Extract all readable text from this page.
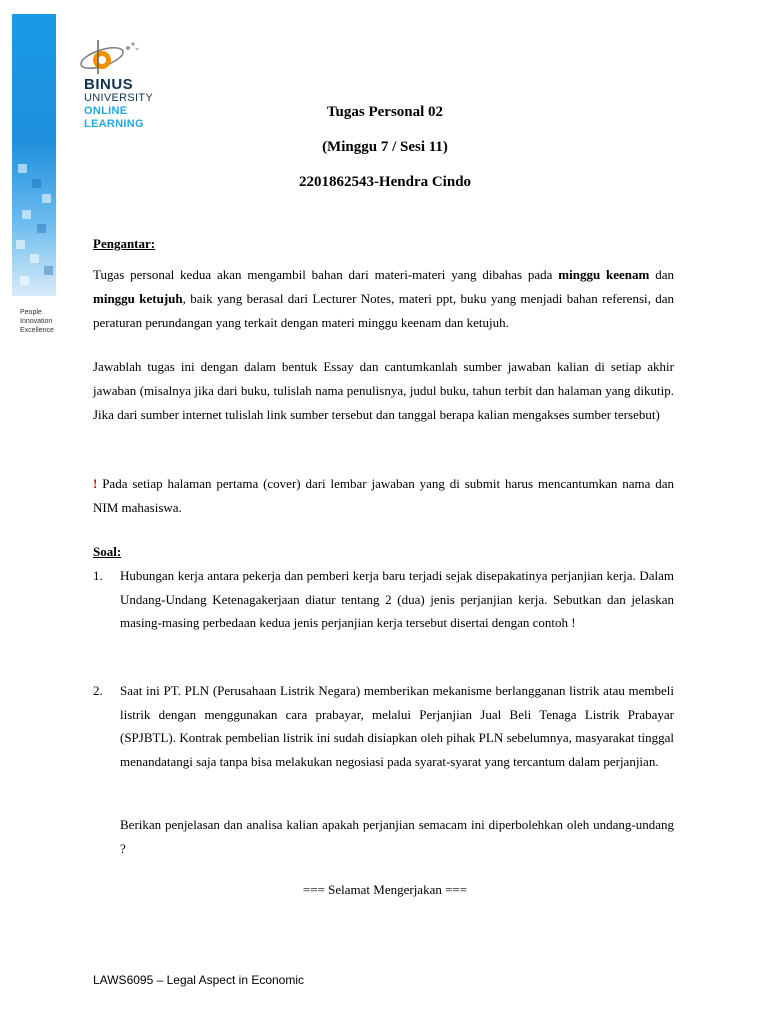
People
Innovation
Excellence
BINUS
UNIVERSITY
ONLINE
LEARNING
Tugas Personal 02
(Minggu 7 / Sesi 11)
2201862543-Hendra Cindo
Pengantar:
Tugas personal kedua akan mengambil bahan dari materi-materi yang dibahas pada minggu keenam dan minggu ketujuh, baik yang berasal dari Lecturer Notes, materi ppt, buku yang menjadi bahan referensi, dan peraturan perundangan yang terkait dengan materi minggu keenam dan ketujuh.
Jawablah tugas ini dengan dalam bentuk Essay dan cantumkanlah sumber jawaban kalian di setiap akhir jawaban (misalnya jika dari buku, tulislah nama penulisnya, judul buku, tahun terbit dan halaman yang dikutip. Jika dari sumber internet tulislah link sumber tersebut dan tanggal berapa kalian mengakses sumber tersebut)
! Pada setiap halaman pertama (cover) dari lembar jawaban yang di submit harus mencantumkan nama dan NIM mahasiswa.
Soal:
1. Hubungan kerja antara pekerja dan pemberi kerja baru terjadi sejak disepakatinya perjanjian kerja. Dalam Undang-Undang Ketenagakerjaan diatur tentang 2 (dua) jenis perjanjian kerja. Sebutkan dan jelaskan masing-masing perbedaan kedua jenis perjanjian kerja tersebut disertai dengan contoh !
2. Saat ini PT. PLN (Perusahaan Listrik Negara) memberikan mekanisme berlangganan listrik atau membeli listrik dengan menggunakan cara prabayar, melalui Perjanjian Jual Beli Tenaga Listrik Prabayar (SPJBTL). Kontrak pembelian listrik ini sudah disiapkan oleh pihak PLN sebelumnya, masyarakat tinggal menandatangi saja tanpa bisa melakukan negosiasi pada syarat-syarat yang tercantum dalam perjanjian.
Berikan penjelasan dan analisa kalian apakah perjanjian semacam ini diperbolehkan oleh undang-undang ?
=== Selamat Mengerjakan ===
LAWS6095 – Legal Aspect in Economic
